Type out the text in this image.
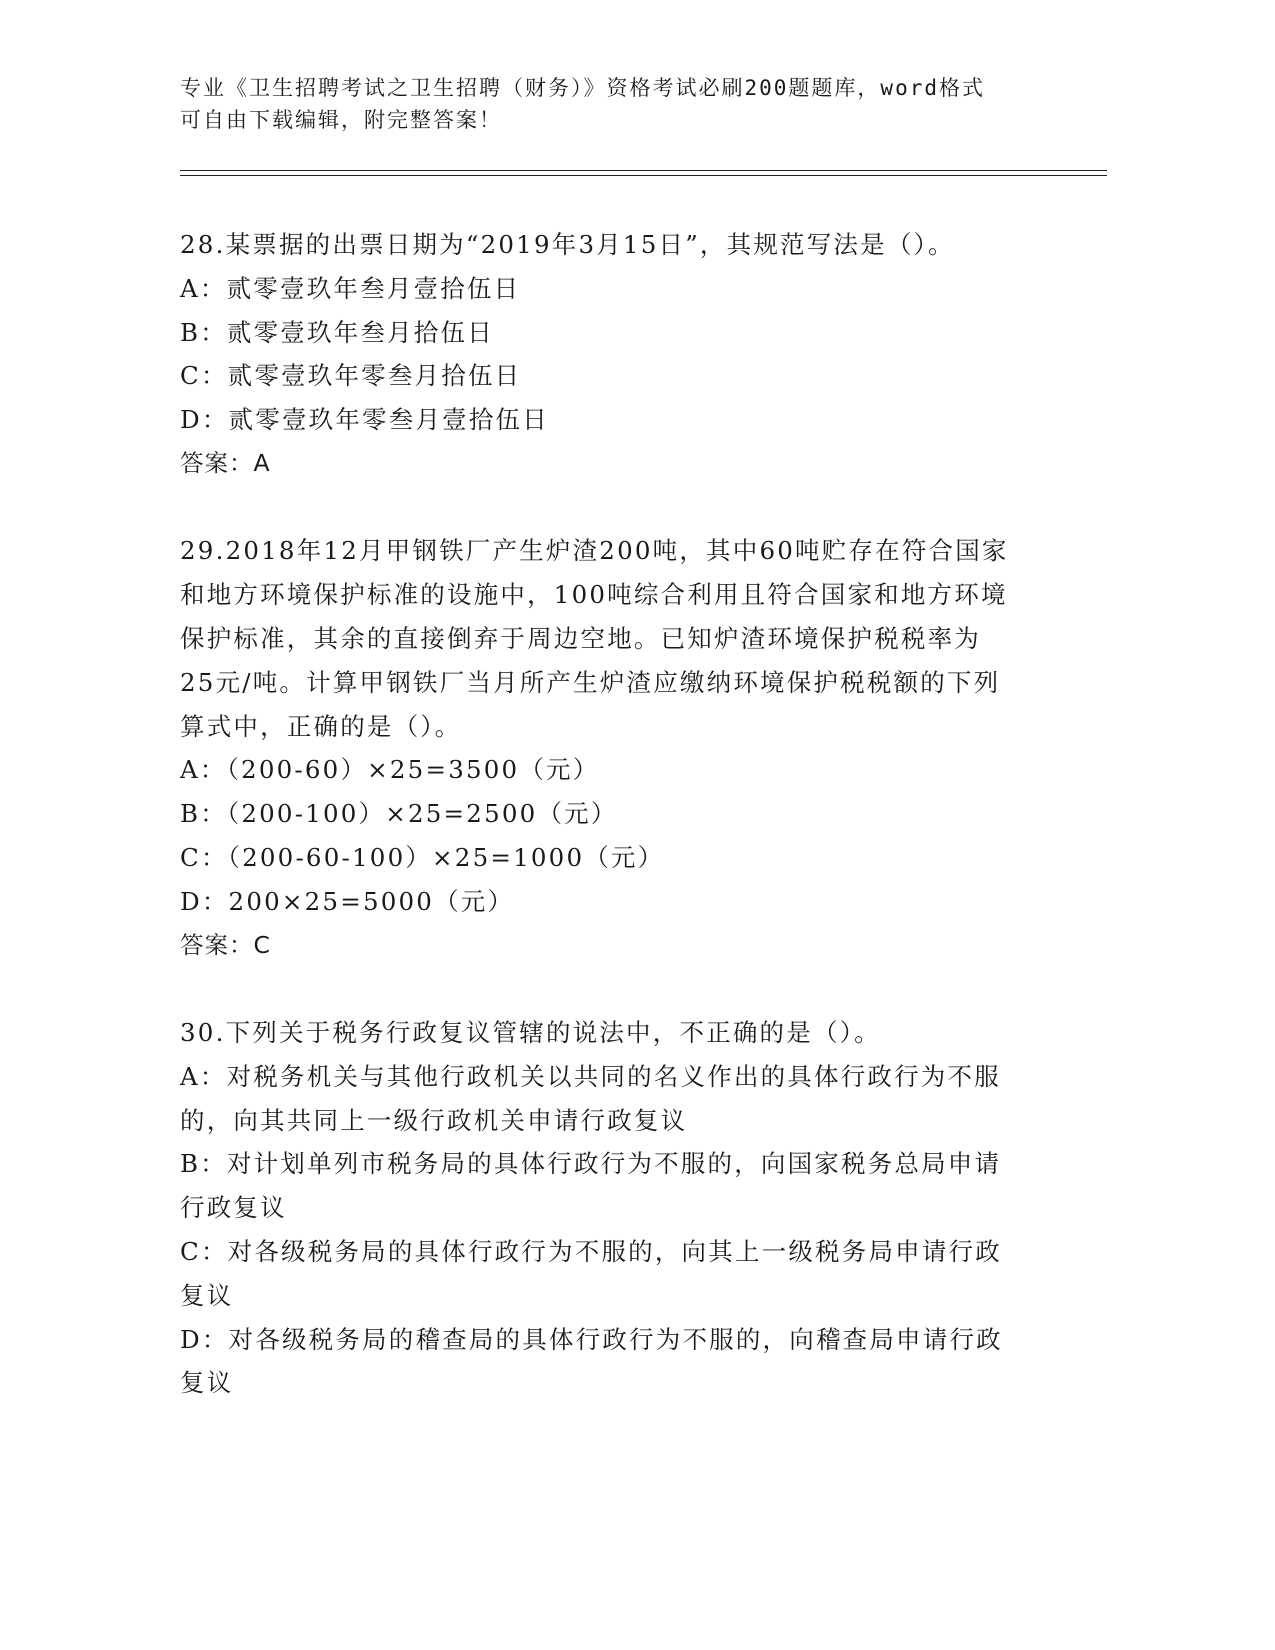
专业《卫生招聘考试之卫生招聘（财务）》资格考试必刷200题题库，word格式
可自由下载编辑，附完整答案！
28.某票据的出票日期为“2019年3月15日”，其规范写法是（）。
A：贰零壹玖年叁月壹拾伍日
B：贰零壹玖年叁月拾伍日
C：贰零壹玖年零叁月拾伍日
D：贰零壹玖年零叁月壹拾伍日
答案：A
29.2018年12月甲钢铁厂产生炉渣200吨，其中60吨贮存在符合国家
和地方环境保护标准的设施中，100吨综合利用且符合国家和地方环境
保护标准，其余的直接倒弃于周边空地。已知炉渣环境保护税税率为
25元/吨。计算甲钢铁厂当月所产生炉渣应缴纳环境保护税税额的下列
算式中，正确的是（）。
A：（200-60）×25=3500（元）
B：（200-100）×25=2500（元）
C：（200-60-100）×25=1000（元）
D：200×25=5000（元）
答案：C
30.下列关于税务行政复议管辖的说法中，不正确的是（）。
A：对税务机关与其他行政机关以共同的名义作出的具体行政行为不服
的，向其共同上一级行政机关申请行政复议
B：对计划单列市税务局的具体行政行为不服的，向国家税务总局申请
行政复议
C：对各级税务局的具体行政行为不服的，向其上一级税务局申请行政
复议
D：对各级税务局的稽查局的具体行政行为不服的，向稽查局申请行政
复议
